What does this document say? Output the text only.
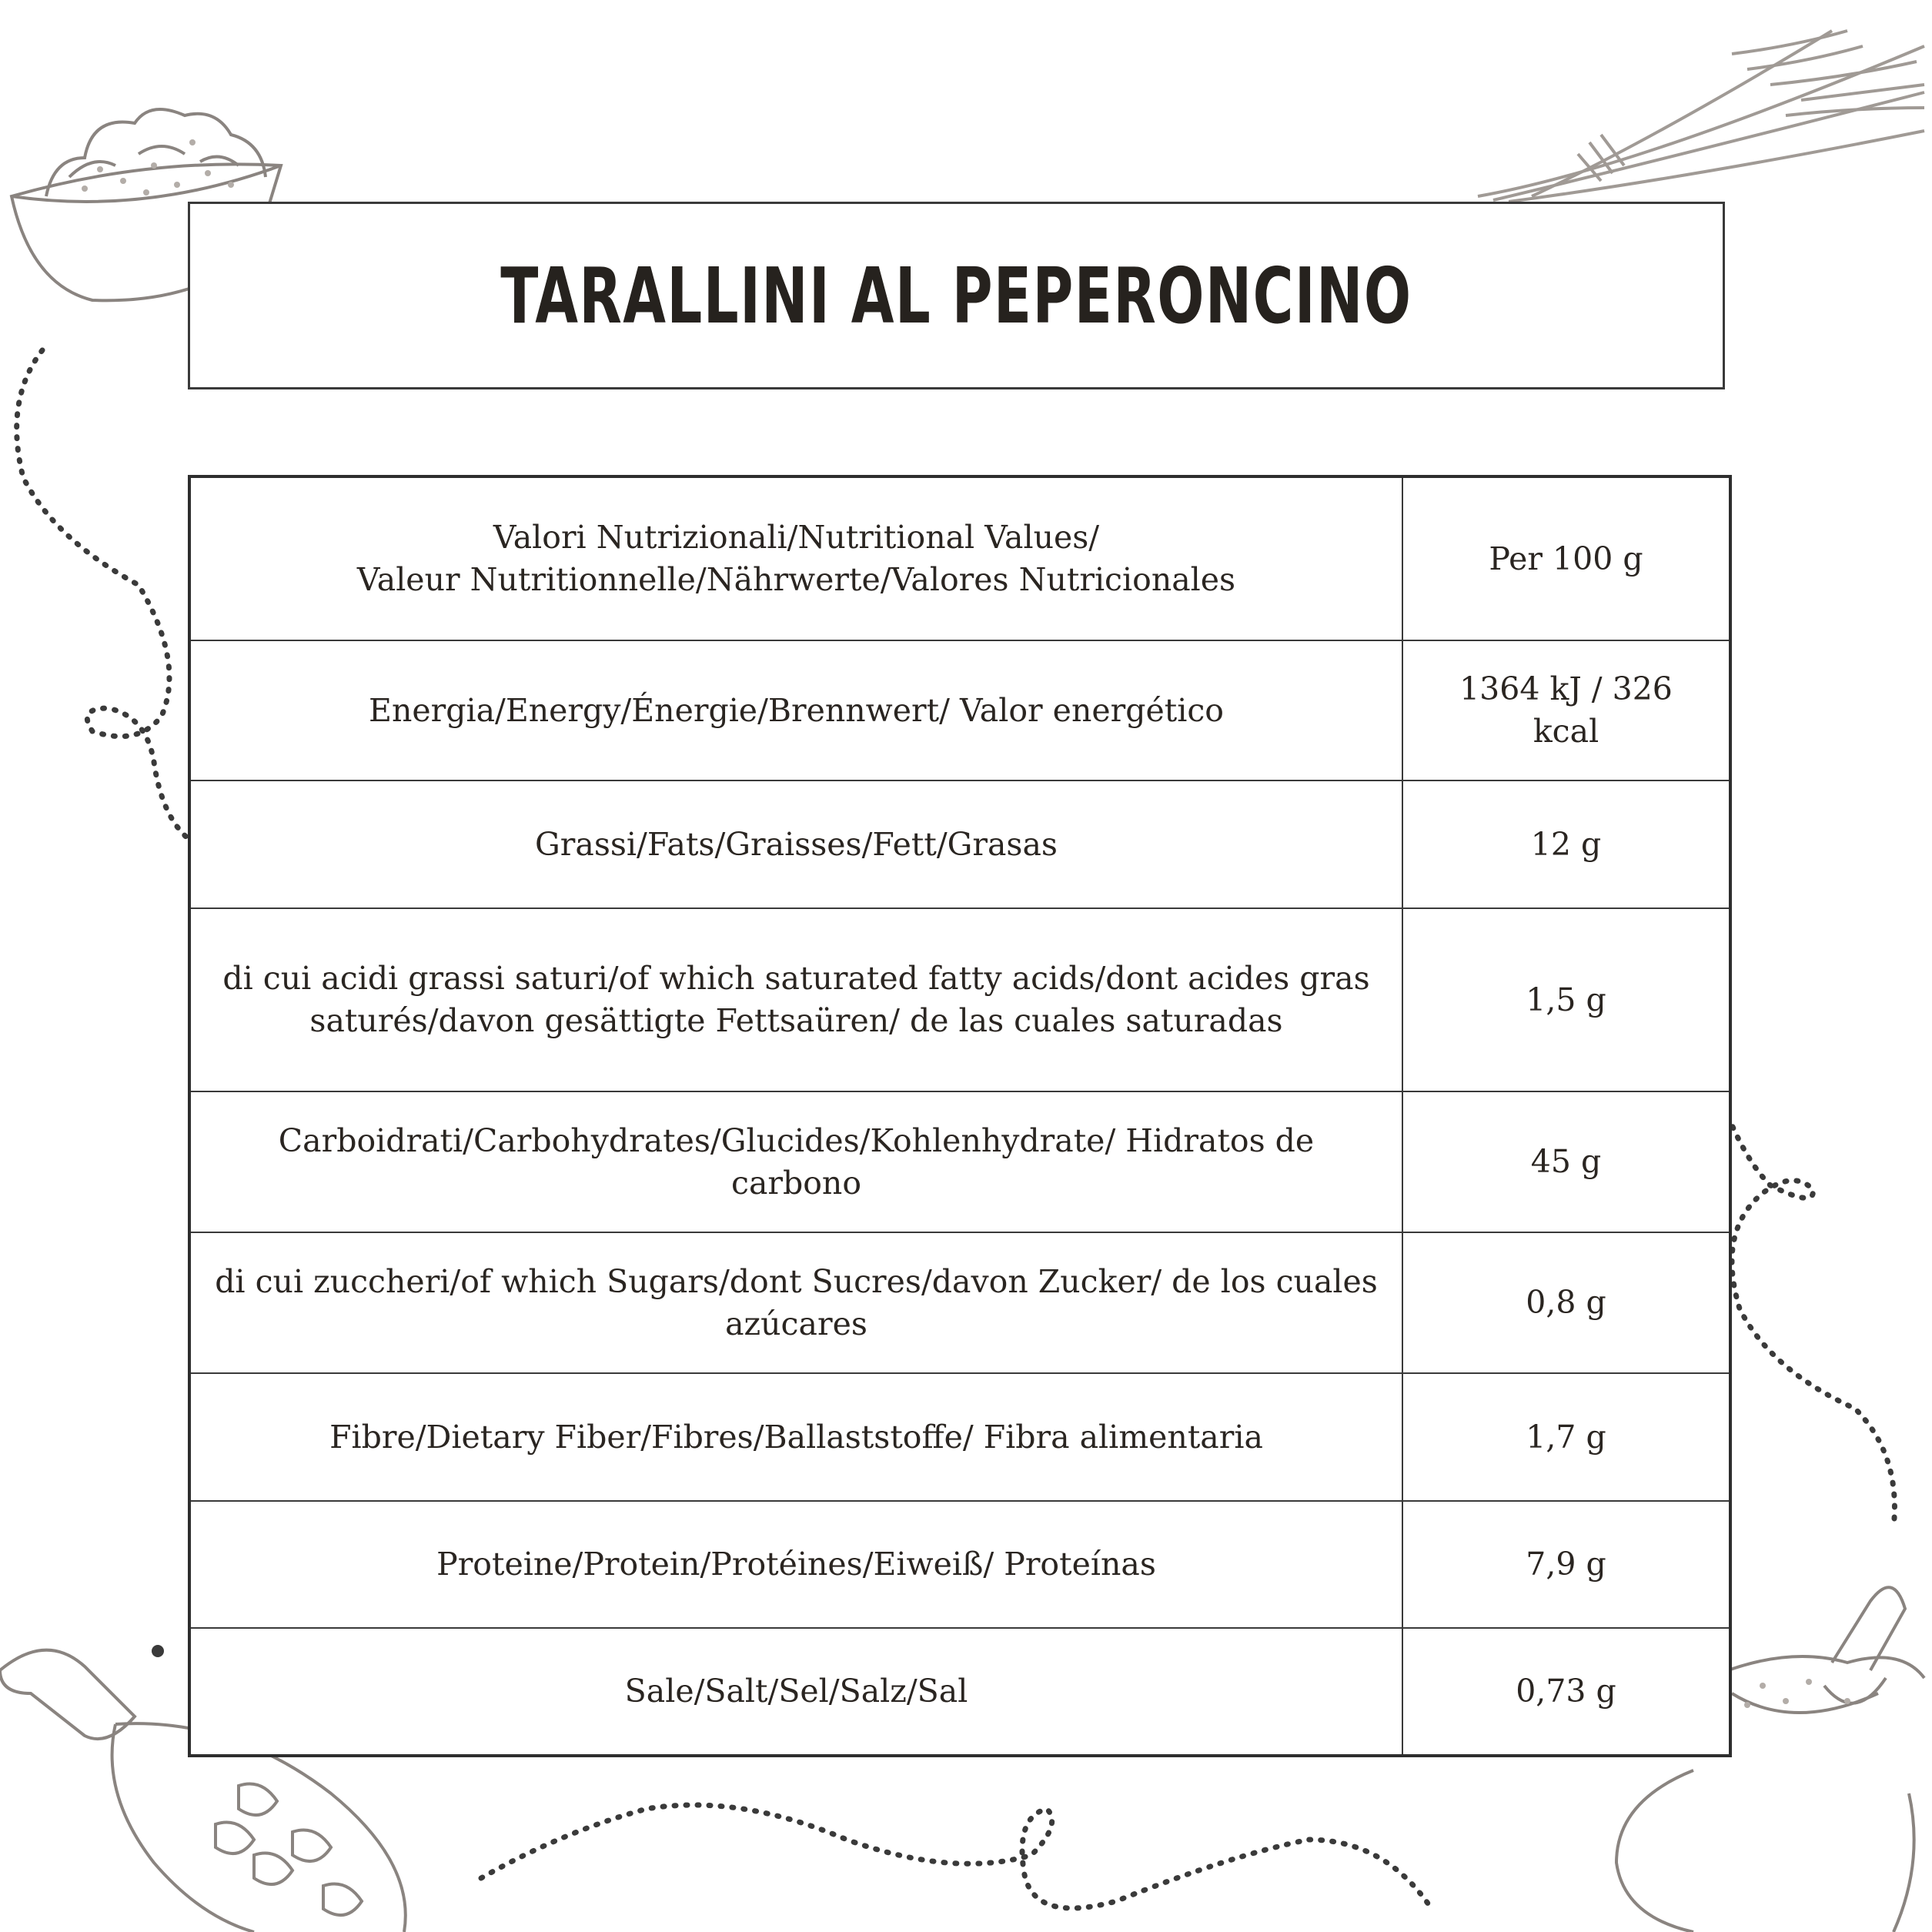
TARALLINI AL PEPERONCINO
Valori Nutrizionali/Nutritional Values/
Valeur Nutritionnelle/Nährwerte/Valores Nutricionales	Per 100 g
Energia/Energy/Énergie/Brennwert/ Valor energético	1364 kJ / 326 kcal
Grassi/Fats/Graisses/Fett/Grasas	12 g
di cui acidi grassi saturi/of which saturated fatty acids/dont acides gras saturés/davon gesättigte Fettsaüren/ de las cuales saturadas	1,5 g
Carboidrati/Carbohydrates/Glucides/Kohlenhydrate/ Hidratos de carbono	45 g
di cui zuccheri/of which Sugars/dont Sucres/davon Zucker/ de los cuales azúcares	0,8 g
Fibre/Dietary Fiber/Fibres/Ballaststoffe/ Fibra alimentaria	1,7 g
Proteine/Protein/Protéines/Eiweiß/ Proteínas	7,9 g
Sale/Salt/Sel/Salz/Sal	0,73 g
